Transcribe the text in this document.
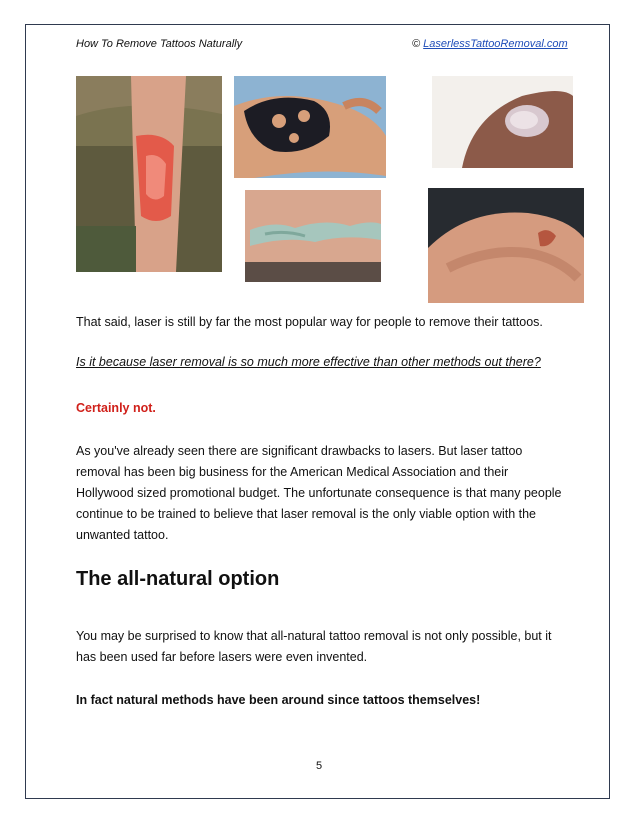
How To Remove Tattoos Naturally	© LaserlessTattooRemoval.com
That said, laser is still by far the most popular way for people to remove their tattoos.
Is it because laser removal is so much more effective than other methods out there?
Certainly not.
As you've already seen there are significant drawbacks to lasers. But laser tattoo
removal has been big business for the American Medical Association and their
Hollywood sized promotional budget. The unfortunate consequence is that many people
continue to be trained to believe that laser removal is the only viable option with the
unwanted tattoo.
The all-natural option
You may be surprised to know that all-natural tattoo removal is not only possible, but it
has been used far before lasers were even invented.
In fact natural methods have been around since tattoos themselves!
5
